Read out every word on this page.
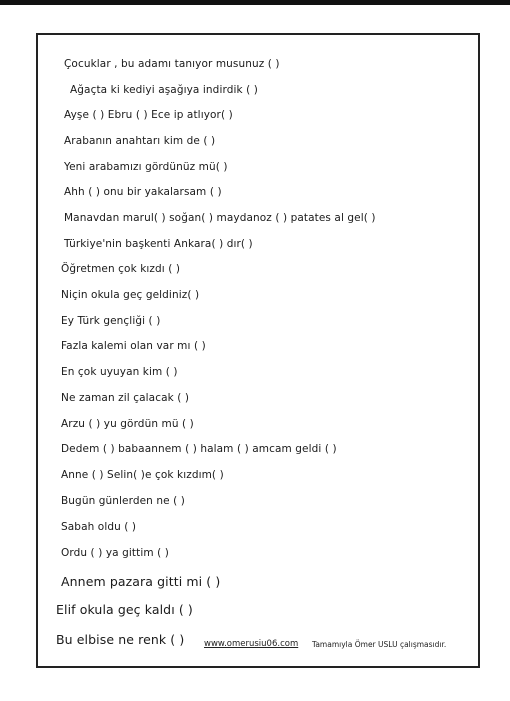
Çocuklar , bu adamı tanıyor musunuz ( )
Ağaçta ki kediyi aşağıya indirdik ( )
Ayşe ( ) Ebru ( ) Ece ip atlıyor( )
Arabanın anahtarı kim de ( )
Yeni arabamızı gördünüz mü( )
Ahh ( ) onu bir yakalarsam ( )
Manavdan marul( ) soğan( ) maydanoz ( ) patates al gel( )
Türkiye'nin başkenti Ankara( ) dır( )
Öğretmen çok kızdı ( )
Niçin okula geç geldiniz( )
Ey Türk gençliği ( )
Fazla kalemi olan var mı ( )
En çok uyuyan kim ( )
Ne zaman zil çalacak ( )
Arzu ( ) yu gördün mü ( )
Dedem ( ) babaannem ( ) halam ( ) amcam geldi ( )
Anne ( ) Selin( )e çok kızdım( )
Bugün günlerden ne ( )
Sabah oldu ( )
Ordu ( ) ya gittim ( )
Annem pazara gitti mi ( )
Elif okula geç kaldı ( )
Bu elbise ne renk ( ) www.omerusiu06.com Tamamıyla Ömer USLU çalışmasıdır.
